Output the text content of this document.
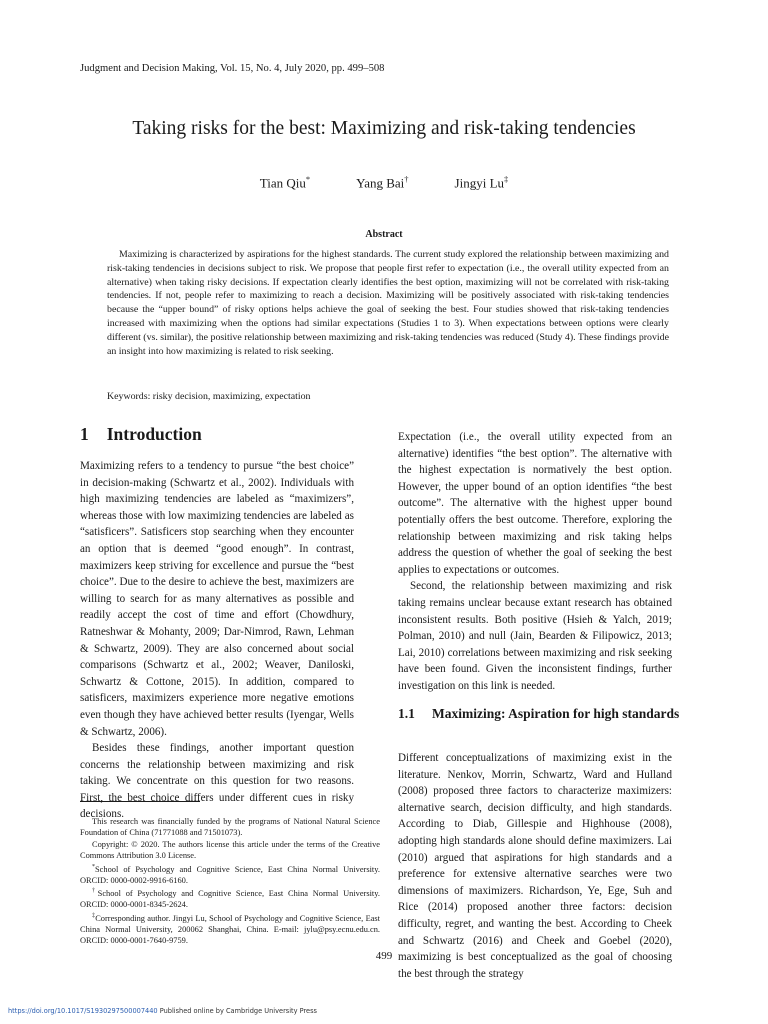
Judgment and Decision Making, Vol. 15, No. 4, July 2020, pp. 499–508
Taking risks for the best: Maximizing and risk-taking tendencies
Tian Qiu*	Yang Bai†	Jingyi Lu‡
Abstract
Maximizing is characterized by aspirations for the highest standards. The current study explored the relationship between maximizing and risk-taking tendencies in decisions subject to risk. We propose that people first refer to expectation (i.e., the overall utility expected from an alternative) when taking risky decisions. If expectation clearly identifies the best option, maximizing will not be correlated with risk-taking tendencies. If not, people refer to maximizing to reach a decision. Maximizing will be positively associated with risk-taking tendencies because the “upper bound” of risky options helps achieve the goal of seeking the best. Four studies showed that risk-taking tendencies increased with maximizing when the options had similar expectations (Studies 1 to 3). When expectations between options were clearly different (vs. similar), the positive relationship between maximizing and risk-taking tendencies was reduced (Study 4). These findings provide an insight into how maximizing is related to risk seeking.
Keywords: risky decision, maximizing, expectation
1 Introduction

Maximizing refers to a tendency to pursue “the best choice” in decision-making (Schwartz et al., 2002). Individuals with high maximizing tendencies are labeled as “maximizers”, whereas those with low maximizing tendencies are labeled as “satisficers”. Satisficers stop searching when they encounter an option that is deemed “good enough”. In contrast, maximizers keep striving for excellence and pursue the “best choice”. Due to the desire to achieve the best, maximizers are willing to search for as many alternatives as possible and readily accept the cost of time and effort (Chowdhury, Ratneshwar & Mohanty, 2009; Dar-Nimrod, Rawn, Lehman & Schwartz, 2009). They are also concerned about social comparisons (Schwartz et al., 2002; Weaver, Daniloski, Schwartz & Cottone, 2015). In addition, compared to satisficers, maximizers experience more negative emotions even though they have achieved better results (Iyengar, Wells & Schwartz, 2006).

Besides these findings, another important question concerns the relationship between maximizing and risk taking. We concentrate on this question for two reasons. First, the best choice differs under different cues in risky decisions.

This research was financially funded by the programs of National Natural Science Foundation of China (71771088 and 71501073).

Copyright: © 2020. The authors license this article under the terms of the Creative Commons Attribution 3.0 License.

*School of Psychology and Cognitive Science, East China Normal University. ORCID: 0000-0002-9916-6160.

†School of Psychology and Cognitive Science, East China Normal University. ORCID: 0000-0001-8345-2624.

‡Corresponding author. Jingyi Lu, School of Psychology and Cognitive Science, East China Normal University, 200062 Shanghai, China. E-mail: jylu@psy.ecnu.edu.cn. ORCID: 0000-0001-7640-9759.

Expectation (i.e., the overall utility expected from an alternative) identifies “the best option”. The alternative with the highest expectation is normatively the best option. However, the upper bound of an option identifies “the best outcome”. The alternative with the highest upper bound potentially offers the best outcome. Therefore, exploring the relationship between maximizing and risk taking helps address the question of whether the goal of seeking the best applies to expectations or outcomes.

Second, the relationship between maximizing and risk taking remains unclear because extant research has obtained inconsistent results. Both positive (Hsieh & Yalch, 2019; Polman, 2010) and null (Jain, Bearden & Filipowicz, 2013; Lai, 2010) correlations between maximizing and risk seeking have been found. Given the inconsistent findings, further investigation on this link is needed.

1.1	Maximizing: Aspiration for high standards

Different conceptualizations of maximizing exist in the literature. Nenkov, Morrin, Schwartz, Ward and Hulland (2008) proposed three factors to characterize maximizers: alternative search, decision difficulty, and high standards. According to Diab, Gillespie and Highhouse (2008), adopting high standards alone should define maximizers. Lai (2010) argued that aspirations for high standards and a preference for extensive alternative searches were two dimensions of maximizers. Richardson, Ye, Ege, Suh and Rice (2014) proposed another three factors: decision difficulty, regret, and wanting the best. According to Cheek and Schwartz (2016) and Cheek and Goebel (2020), maximizing is best conceptualized as the goal of choosing the best through the strategy

499
https://doi.org/10.1017/S1930297500007440 Published online by Cambridge University Press
